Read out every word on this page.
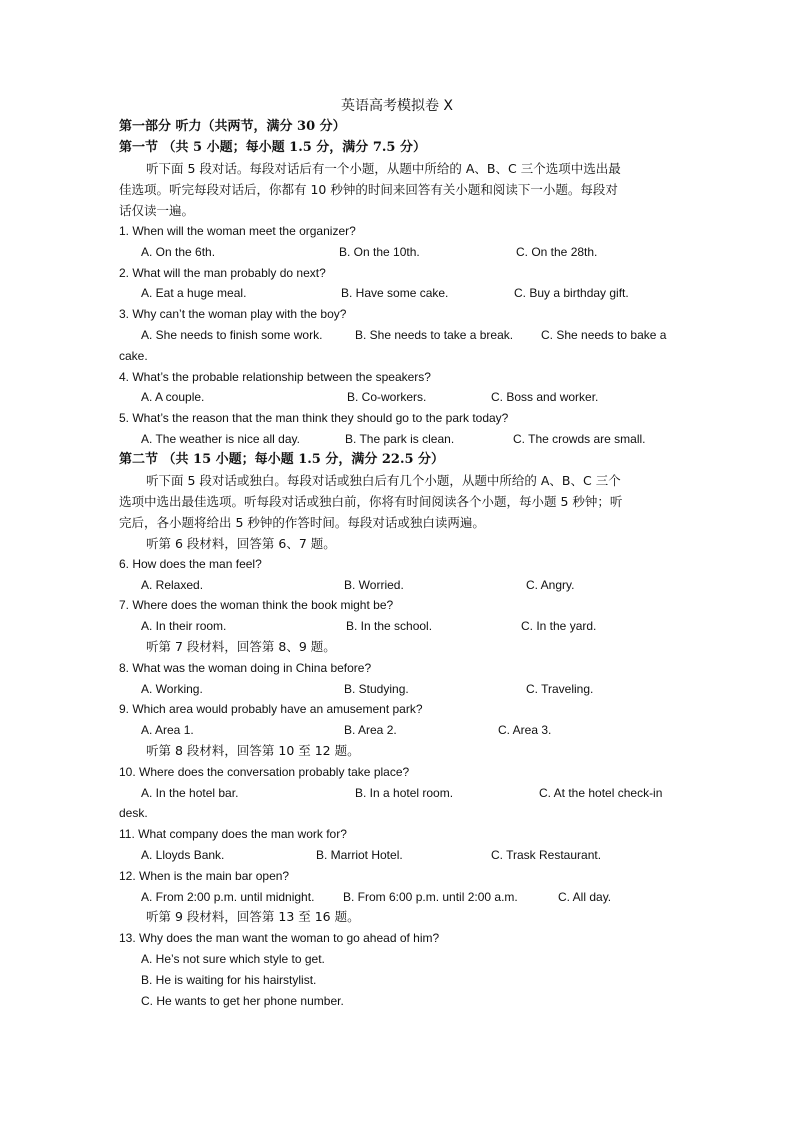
英语高考模拟卷 X
第一部分 听力（共两节，满分 30 分）
第一节 （共 5 小题；每小题 1.5 分，满分 7.5 分）
听下面 5 段对话。每段对话后有一个小题，从题中所给的 A、B、C 三个选项中选出最
佳选项。听完每段对话后，你都有 10 秒钟的时间来回答有关小题和阅读下一小题。每段对
话仅读一遍。
1. When will the woman meet the organizer?
A. On the 6th.	B. On the 10th.	C. On the 28th.
2. What will the man probably do next?
A. Eat a huge meal.	B. Have some cake.	C. Buy a birthday gift.
3. Why can’t the woman play with the boy?
A. She needs to finish some work.	B. She needs to take a break. C. She needs to bake a
cake.
4. What’s the probable relationship between the speakers?
A. A couple.	B. Co-workers.	C. Boss and worker.
5. What’s the reason that the man think they should go to the park today?
A. The weather is nice all day.	B. The park is clean.	C. The crowds are small.
第二节 （共 15 小题；每小题 1.5 分，满分 22.5 分）
听下面 5 段对话或独白。每段对话或独白后有几个小题，从题中所给的 A、B、C 三个
选项中选出最佳选项。听每段对话或独白前，你将有时间阅读各个小题，每小题 5 秒钟；听
完后，各小题将给出 5 秒钟的作答时间。每段对话或独白读两遍。
听第 6 段材料，回答第 6、7 题。
6. How does the man feel?
A. Relaxed.	B. Worried.	C. Angry.
7. Where does the woman think the book might be?
A. In their room.	B. In the school.	C. In the yard.
听第 7 段材料，回答第 8、9 题。
8. What was the woman doing in China before?
A. Working.	B. Studying.	C. Traveling.
9. Which area would probably have an amusement park?
A. Area 1.	B. Area 2.	C. Area 3.
听第 8 段材料，回答第 10 至 12 题。
10. Where does the conversation probably take place?
A. In the hotel bar.	B. In a hotel room.	C. At the hotel check-in
desk.
11. What company does the man work for?
A. Lloyds Bank.	B. Marriot Hotel.	C. Trask Restaurant.
12. When is the main bar open?
A. From 2:00 p.m. until midnight. B. From 6:00 p.m. until 2:00 a.m.	C. All day.
听第 9 段材料，回答第 13 至 16 题。
13. Why does the man want the woman to go ahead of him?
A. He’s not sure which style to get.
B. He is waiting for his hairstylist.
C. He wants to get her phone number.
